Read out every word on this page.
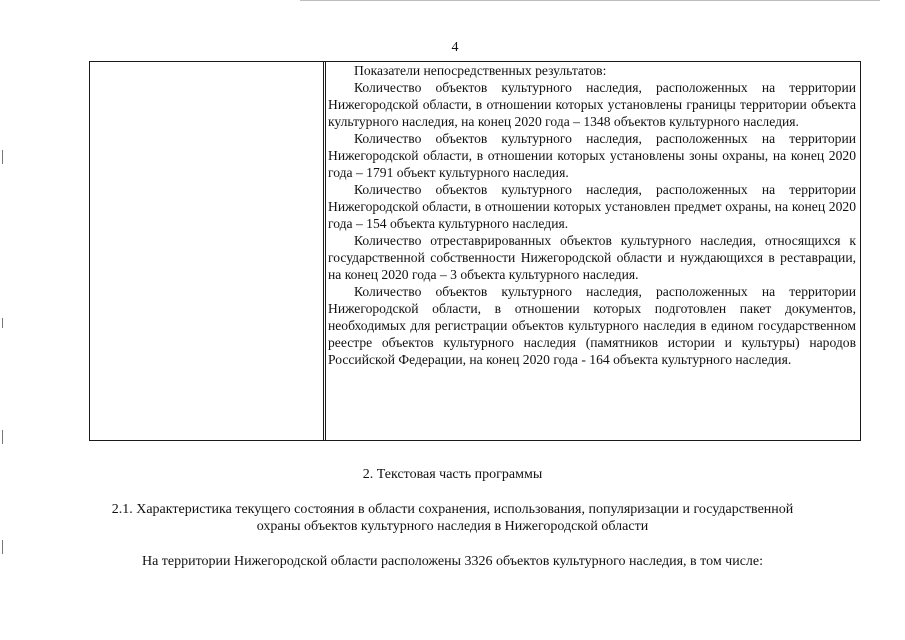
4

Показатели непосредственных результатов:

Количество объектов культурного наследия, расположенных на территории Нижегородской области, в отношении которых установлены границы территории объекта культурного наследия, на конец 2020 года – 1348 объектов культурного наследия.

Количество объектов культурного наследия, расположенных на территории Нижегородской области, в отношении которых установлены зоны охраны, на конец 2020 года – 1791 объект культурного наследия.

Количество объектов культурного наследия, расположенных на территории Нижегородской области, в отношении которых установлен предмет охраны, на конец 2020 года – 154 объекта культурного наследия.

Количество отреставрированных объектов культурного наследия, относящихся к государственной собственности Нижегородской области и нуждающихся в реставрации, на конец 2020 года – 3 объекта культурного наследия.

Количество объектов культурного наследия, расположенных на территории Нижегородской области, в отношении которых подготовлен пакет документов, необходимых для регистрации объектов культурного наследия в едином государственном реестре объектов культурного наследия (памятников истории и культуры) народов Российской Федерации, на конец 2020 года - 164 объекта культурного наследия.

2. Текстовая часть программы
2.1. Характеристика текущего состояния в области сохранения, использования, популяризации и государственной охраны объектов культурного наследия в Нижегородской области
На территории Нижегородской области расположены 3326 объектов культурного наследия, в том числе:
